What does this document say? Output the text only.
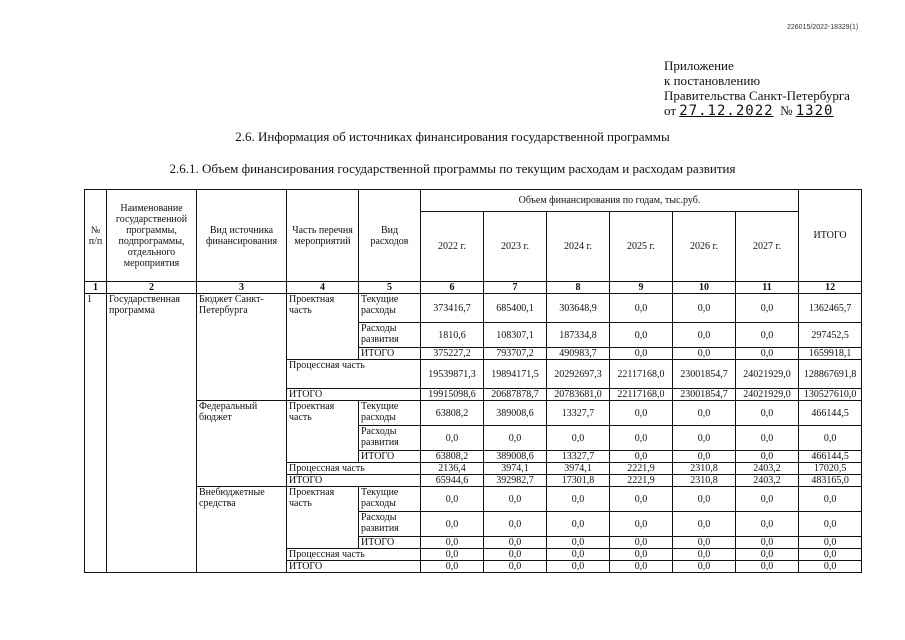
226015/2022-18329(1)
Приложение
к постановлению
Правительства Санкт-Петербурга
от 27.12.2022 № 1320
2.6. Информация об источниках финансирования государственной программы
2.6.1. Объем финансирования государственной программы по текущим расходам и расходам развития
№ п/п	Наименование государственной программы, подпрограммы, отдельного мероприятия	Вид источника финансирования	Часть перечня мероприятий	Вид расходов	Объем финансирования по годам, тыс.руб.						ИТОГО
					2022 г.	2023 г.	2024 г.	2025 г.	2026 г.	2027 г.	
1	2	3	4	5	6	7	8	9	10	11	12
1	Государственная программа	Бюджет Санкт-Петербурга	Проектная часть	Текущие расходы	373416,7	685400,1	303648,9	0,0	0,0	0,0	1362465,7
				Расходы развития	1810,6	108307,1	187334,8	0,0	0,0	0,0	297452,5
				ИТОГО	375227,2	793707,2	490983,7	0,0	0,0	0,0	1659918,1
			Процессная часть		19539871,3	19894171,5	20292697,3	22117168,0	23001854,7	24021929,0	128867691,8
			ИТОГО		19915098,6	20687878,7	20783681,0	22117168,0	23001854,7	24021929,0	130527610,0
		Федеральный бюджет	Проектная часть	Текущие расходы	63808,2	389008,6	13327,7	0,0	0,0	0,0	466144,5
				Расходы развития	0,0	0,0	0,0	0,0	0,0	0,0	0,0
				ИТОГО	63808,2	389008,6	13327,7	0,0	0,0	0,0	466144,5
			Процессная часть		2136,4	3974,1	3974,1	2221,9	2310,8	2403,2	17020,5
			ИТОГО		65944,6	392982,7	17301,8	2221,9	2310,8	2403,2	483165,0
		Внебюджетные средства	Проектная часть	Текущие расходы	0,0	0,0	0,0	0,0	0,0	0,0	0,0
				Расходы развития	0,0	0,0	0,0	0,0	0,0	0,0	0,0
				ИТОГО	0,0	0,0	0,0	0,0	0,0	0,0	0,0
			Процессная часть		0,0	0,0	0,0	0,0	0,0	0,0	0,0
			ИТОГО		0,0	0,0	0,0	0,0	0,0	0,0	0,0
